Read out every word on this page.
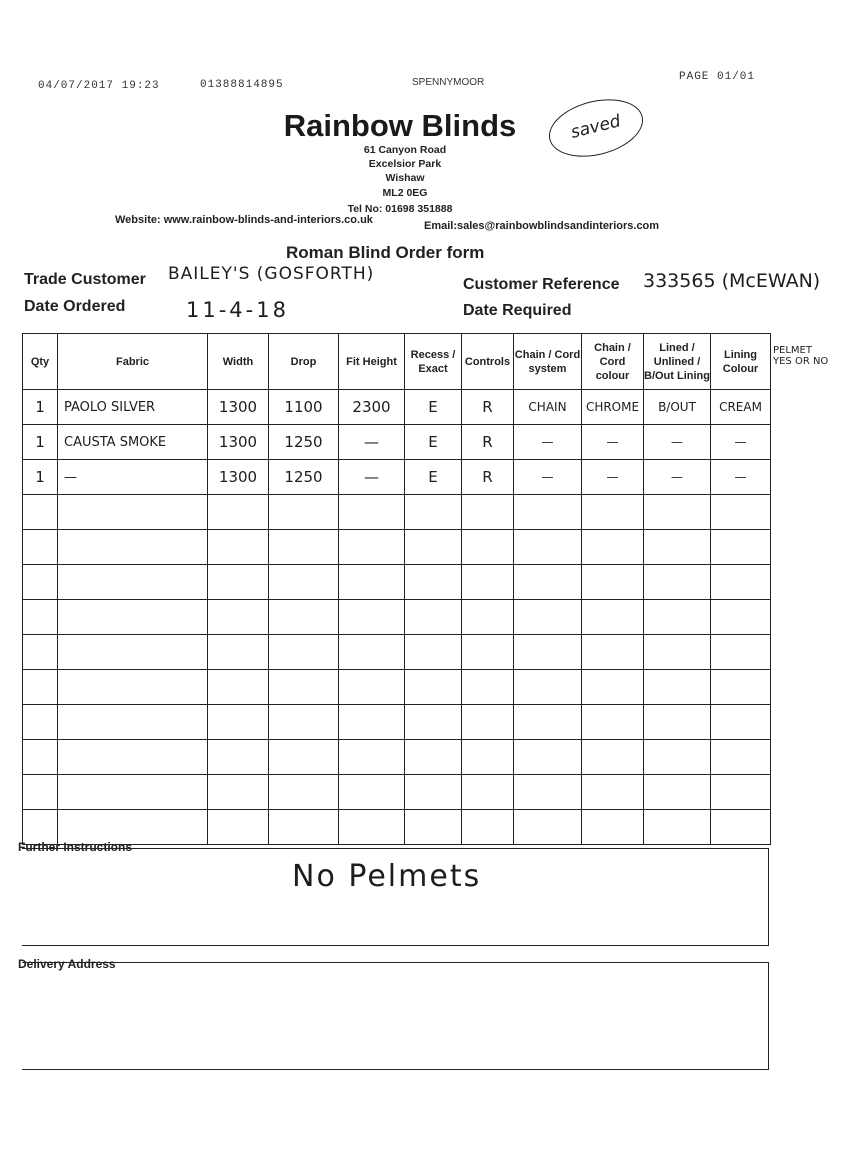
04/07/2017 19:23	01388814895	SPENNYMOOR	PAGE 01/01
Rainbow Blinds
61 Canyon Road
Excelsior Park
Wishaw
ML2 0EG
Tel No: 01698 351888
Website: www.rainbow-blinds-and-interiors.co.uk	Email:sales@rainbowblindsandinteriors.com
saved
Roman Blind Order form
Trade Customer BAILEY'S (GOSFORTH)
Customer Reference 333565 (McEWAN)
Date Ordered	11-4-18	Date Required
Qty	Fabric	Width	Drop	Fit Height	Recess / Exact	Controls	Chain / Cord system	Chain / Cord colour	Lined / Unlined / B/Out Lining	Lining Colour
1	PAOLO SILVER	1300	1100	2300	E	R	CHAIN	CHROME	B/OUT	CREAM
1	CAUSTA SMOKE	1300	1250	—	E	R	—	—	—	—
1	—	1300	1250	—	E	R	—	—	—	—

PELMET YES OR NO
Further Instructions
No Pelmets
Delivery Address
